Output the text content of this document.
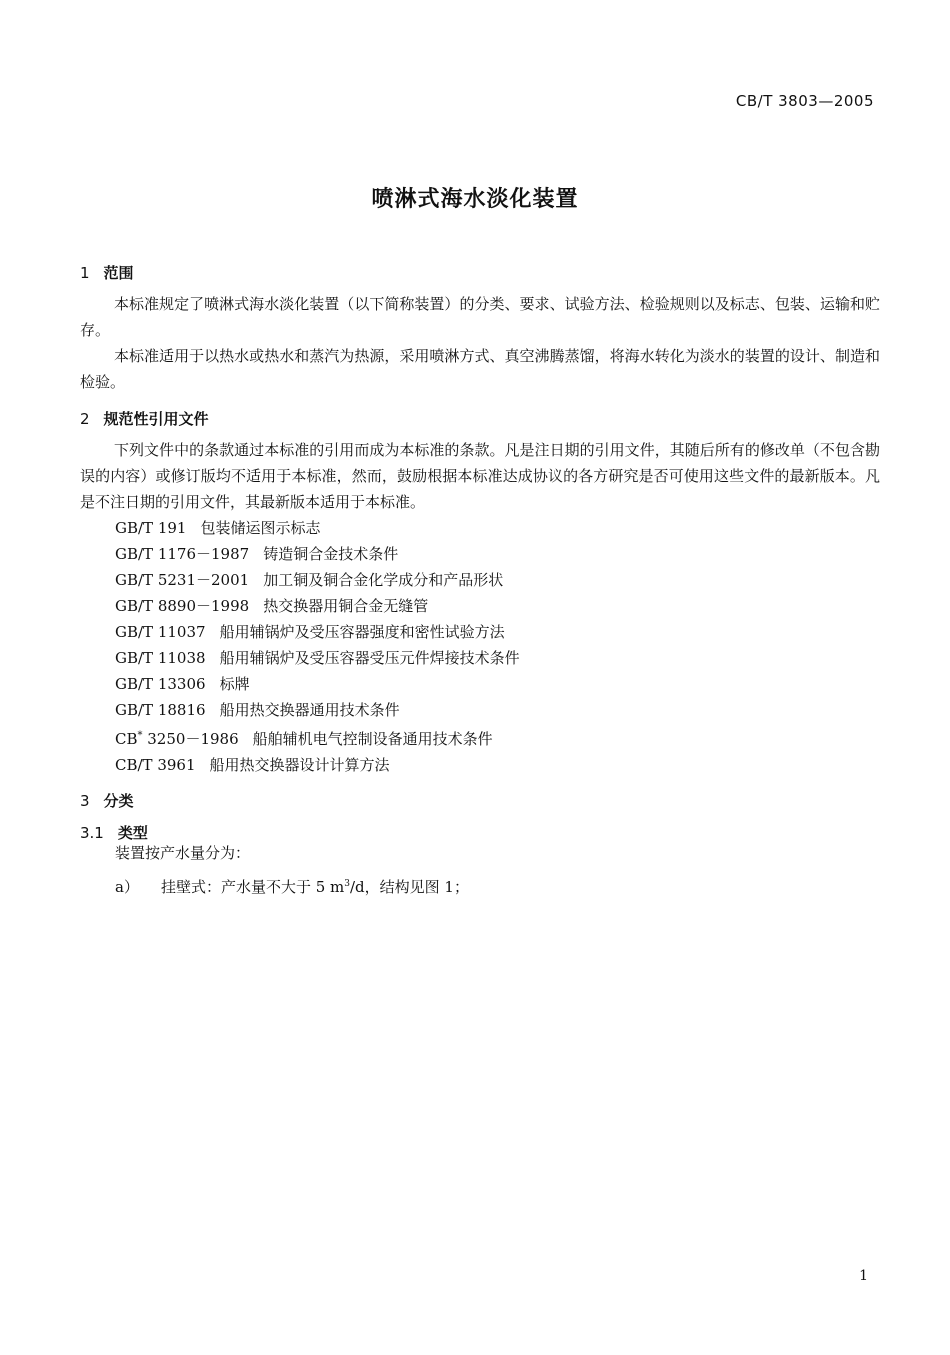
CB/T 3803—2005
喷淋式海水淡化装置
1 范围
本标准规定了喷淋式海水淡化装置（以下简称装置）的分类、要求、试验方法、检验规则以及标志、包装、运输和贮存。
本标准适用于以热水或热水和蒸汽为热源，采用喷淋方式、真空沸腾蒸馏，将海水转化为淡水的装置的设计、制造和检验。
2 规范性引用文件
下列文件中的条款通过本标准的引用而成为本标准的条款。凡是注日期的引用文件，其随后所有的修改单（不包含勘误的内容）或修订版均不适用于本标准，然而，鼓励根据本标准达成协议的各方研究是否可使用这些文件的最新版本。凡是不注日期的引用文件，其最新版本适用于本标准。
GB/T 191 包装储运图示标志
GB/T 1176－1987 铸造铜合金技术条件
GB/T 5231－2001 加工铜及铜合金化学成分和产品形状
GB/T 8890－1998 热交换器用铜合金无缝管
GB/T 11037 船用辅锅炉及受压容器强度和密性试验方法
GB/T 11038 船用辅锅炉及受压容器受压元件焊接技术条件
GB/T 13306 标牌
GB/T 18816 船用热交换器通用技术条件
CB* 3250－1986 船舶辅机电气控制设备通用技术条件
CB/T 3961 船用热交换器设计计算方法
3 分类
3.1 类型
装置按产水量分为：
a） 挂壁式：产水量不大于 5 $m^3/d$，结构见图 1；
1
